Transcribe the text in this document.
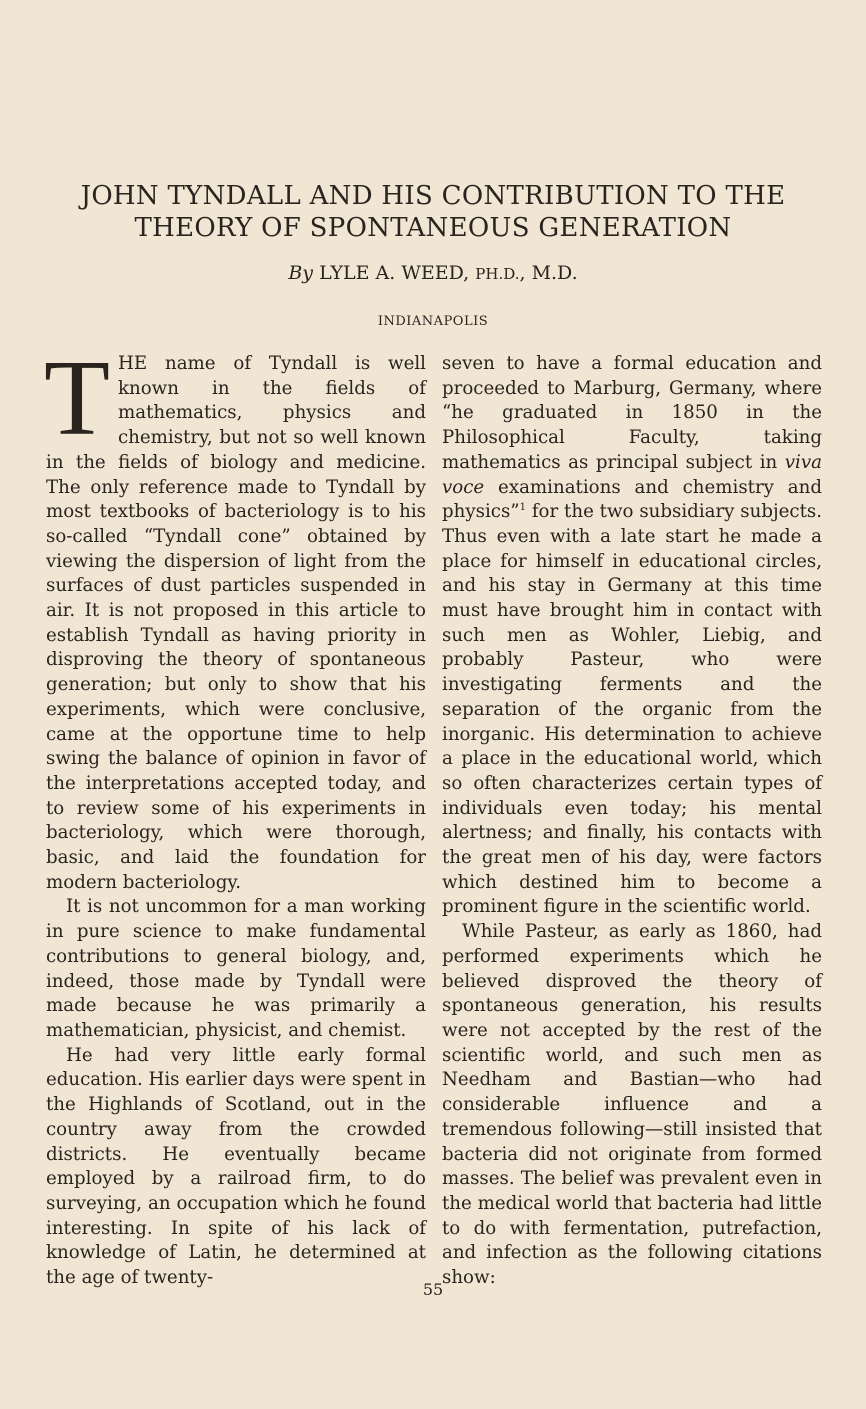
JOHN TYNDALL AND HIS CONTRIBUTION TO THE
THEORY OF SPONTANEOUS GENERATION
By LYLE A. WEED, PH.D., M.D.
INDIANAPOLIS

THE name of Tyndall is well known in the fields of mathematics, physics and chemistry, but not so well known in the fields of biology and medicine. The only reference made to Tyndall by most textbooks of bacteriology is to his so-called “Tyndall cone” obtained by viewing the dispersion of light from the surfaces of dust particles suspended in air. It is not proposed in this article to establish Tyndall as having priority in disproving the theory of spontaneous generation; but only to show that his experiments, which were conclusive, came at the opportune time to help swing the balance of opinion in favor of the interpretations accepted today, and to review some of his experiments in bacteriology, which were thorough, basic, and laid the foundation for modern bacteriology.

It is not uncommon for a man working in pure science to make fundamental contributions to general biology, and, indeed, those made by Tyndall were made because he was primarily a mathematician, physicist, and chemist.

He had very little early formal education. His earlier days were spent in the Highlands of Scotland, out in the country away from the crowded districts. He eventually became employed by a railroad firm, to do surveying, an occupation which he found interesting. In spite of his lack of knowledge of Latin, he determined at the age of twenty-

seven to have a formal education and proceeded to Marburg, Germany, where “he graduated in 1850 in the Philosophical Faculty, taking mathematics as principal subject in viva voce examinations and chemistry and physics”$^1$ for the two subsidiary subjects. Thus even with a late start he made a place for himself in educational circles, and his stay in Germany at this time must have brought him in contact with such men as Wohler, Liebig, and probably Pasteur, who were investigating ferments and the separation of the organic from the inorganic. His determination to achieve a place in the educational world, which so often characterizes certain types of individuals even today; his mental alertness; and finally, his contacts with the great men of his day, were factors which destined him to become a prominent figure in the scientific world.

While Pasteur, as early as 1860, had performed experiments which he believed disproved the theory of spontaneous generation, his results were not accepted by the rest of the scientific world, and such men as Needham and Bastian—who had considerable influence and a tremendous following—still insisted that bacteria did not originate from formed masses. The belief was prevalent even in the medical world that bacteria had little to do with fermentation, putrefaction, and infection as the following citations show:

55
